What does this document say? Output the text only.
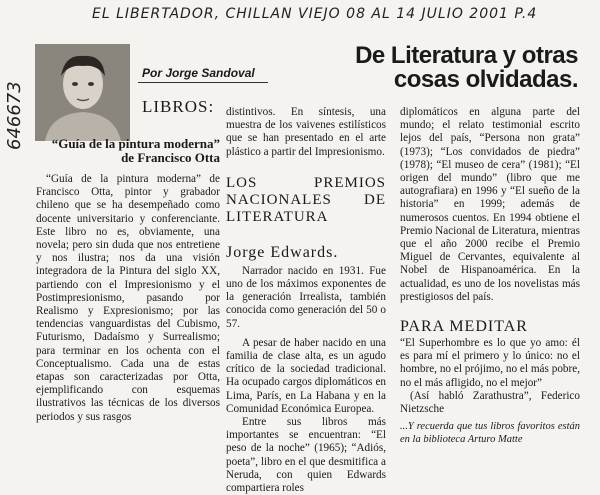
EL LIBERTADOR, CHILLAN VIEJO 08 AL 14 JULIO 2001 P.4
646673
Por Jorge Sandoval
De Literatura y otras
cosas olvidadas.
LIBROS:
“Guía de la pintura moderna” de Francisco Otta

“Guía de la pintura moderna” de Francisco Otta, pintor y grabador chileno que se ha desempeñado como docente universitario y conferenciante. Este libro no es, obviamente, una novela; pero sin duda que nos entretiene y nos ilustra; nos da una visión integradora de la Pintura del siglo XX, partiendo con el Impresionismo y el Postimpresionismo, pasando por Realismo y Expresionismo; por las tendencias vanguardistas del Cubismo, Futurismo, Dadaísmo y Surrealismo; para terminar en los ochenta con el Conceptualismo. Cada una de estas etapas son caracterizadas por Otta, ejemplificando con esquemas ilustrativos las técnicas de los diversos periodos y sus rasgos

distintivos. En síntesis, una muestra de los vaivenes estilísticos que se han presentado en el arte plástico a partir del Impresionismo.

LOS PREMIOS NACIONALES DE LITERATURA
Jorge Edwards.

Narrador nacido en 1931. Fue uno de los máximos exponentes de la generación Irrealista, también conocida como generación del 50 o 57.

A pesar de haber nacido en una familia de clase alta, es un agudo crítico de la sociedad tradicional. Ha ocupado cargos diplomáticos en Lima, París, en La Habana y en la Comunidad Económica Europea.

Entre sus libros más importantes se encuentran: “El peso de la noche” (1965); “Adiós, poeta”, libro en el que desmitifica a Neruda, con quien Edwards compartiera roles

diplomáticos en alguna parte del mundo; el relato testimonial escrito lejos del país, “Persona non grata” (1973); “Los convidados de piedra” (1978); “El museo de cera” (1981); “El origen del mundo” (libro que me autografiara) en 1996 y “El sueño de la historia” en 1999; además de numerosos cuentos. En 1994 obtiene el Premio Nacional de Literatura, mientras que el año 2000 recibe el Premio Miguel de Cervantes, equivalente al Nobel de Hispanoamérica. En la actualidad, es uno de los novelistas más prestigiosos del país.

PARA MEDITAR

“El Superhombre es lo que yo amo: él es para mí el primero y lo único: no el hombre, no el prójimo, no el más pobre, no el más afligido, no el mejor”

(Así habló Zarathustra”, Federico Nietzsche

...Y recuerda que tus libros favoritos están en la biblioteca Arturo Matte
